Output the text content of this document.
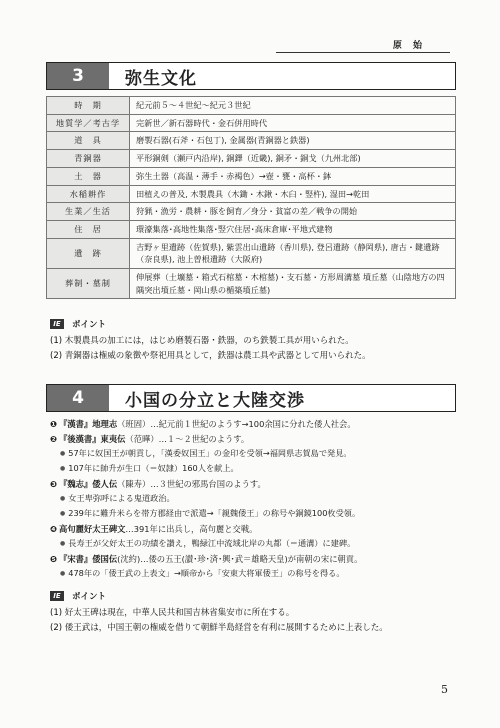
原 始
3	弥生文化
時　期	紀元前５～４世紀～紀元３世紀
地質学／考古学	完新世／新石器時代・金石併用時代
道　具	磨製石器(石斧・石包丁), 金属器(青銅器と鉄器)
青銅器	平形銅剣（瀬戸内沿岸), 銅鐸（近畿), 銅矛・銅戈（九州北部)
土　器	弥生土器（高温・薄手・赤褐色）→壺・甕・高杯・鉢
水稲耕作	田植えの普及, 木製農具（木鋤・木鍬・木臼・竪杵), 湿田→乾田
生業／生活	狩猟・漁労・農耕・豚を飼育／身分・貧富の差／戦争の開始
住　居	環濠集落･高地性集落･竪穴住居･高床倉庫･平地式建物
遺　跡	吉野ヶ里遺跡（佐賀県), 紫雲出山遺跡（香川県), 登呂遺跡（静岡県), 唐古・鍵遺跡（奈良県), 池上曽根遺跡（大阪府)
葬制・墓制	伸展葬（土壙墓・箱式石棺墓・木棺墓)・支石墓・方形周溝墓 墳丘墓（山陰地方の四隅突出墳丘墓・岡山県の楯築墳丘墓)
IE	ポイント
(1) 木製農具の加工には，はじめ磨製石器・鉄器，のち鉄製工具が用いられた。
(2) 青銅器は権威の象徴や祭祀用具として，鉄器は農工具や武器として用いられた。
4	小国の分立と大陸交渉
❶ 『漢書』地理志（班固）…紀元前１世紀のようす→100余国に分れた倭人社会。
❷ 『後漢書』東夷伝（范曄）…１～２世紀のようす。
● 57年に奴国王が朝貢し，「漢委奴国王」の金印を受領→福岡県志賀島で発見。
● 107年に帥升が生口（＝奴隷）160人を献上。
❸ 『魏志』倭人伝（陳寿）…３世紀の邪馬台国のようす。
● 女王卑弥呼による鬼道政治。
● 239年に難升米らを帯方郡経由で派遣→「親魏倭王」の称号や銅鏡100枚受領。
❹ 高句麗好太王碑文…391年に出兵し，高句麗と交戦。
● 長寿王が父好太王の功績を讃え，鴨緑江中流域北岸の丸都（＝通溝）に建碑。
❺ 『宋書』倭国伝(沈約)…倭の五王(讃･珍･済･興･武＝雄略天皇)が南朝の宋に朝貢。
● 478年の「倭王武の上表文」→順帝から「安東大将軍倭王」の称号を得る。
IE	ポイント
(1) 好太王碑は現在，中華人民共和国吉林省集安市に所在する。
(2) 倭王武は，中国王朝の権威を借りて朝鮮半島経営を有利に展開するために上表した。
5
